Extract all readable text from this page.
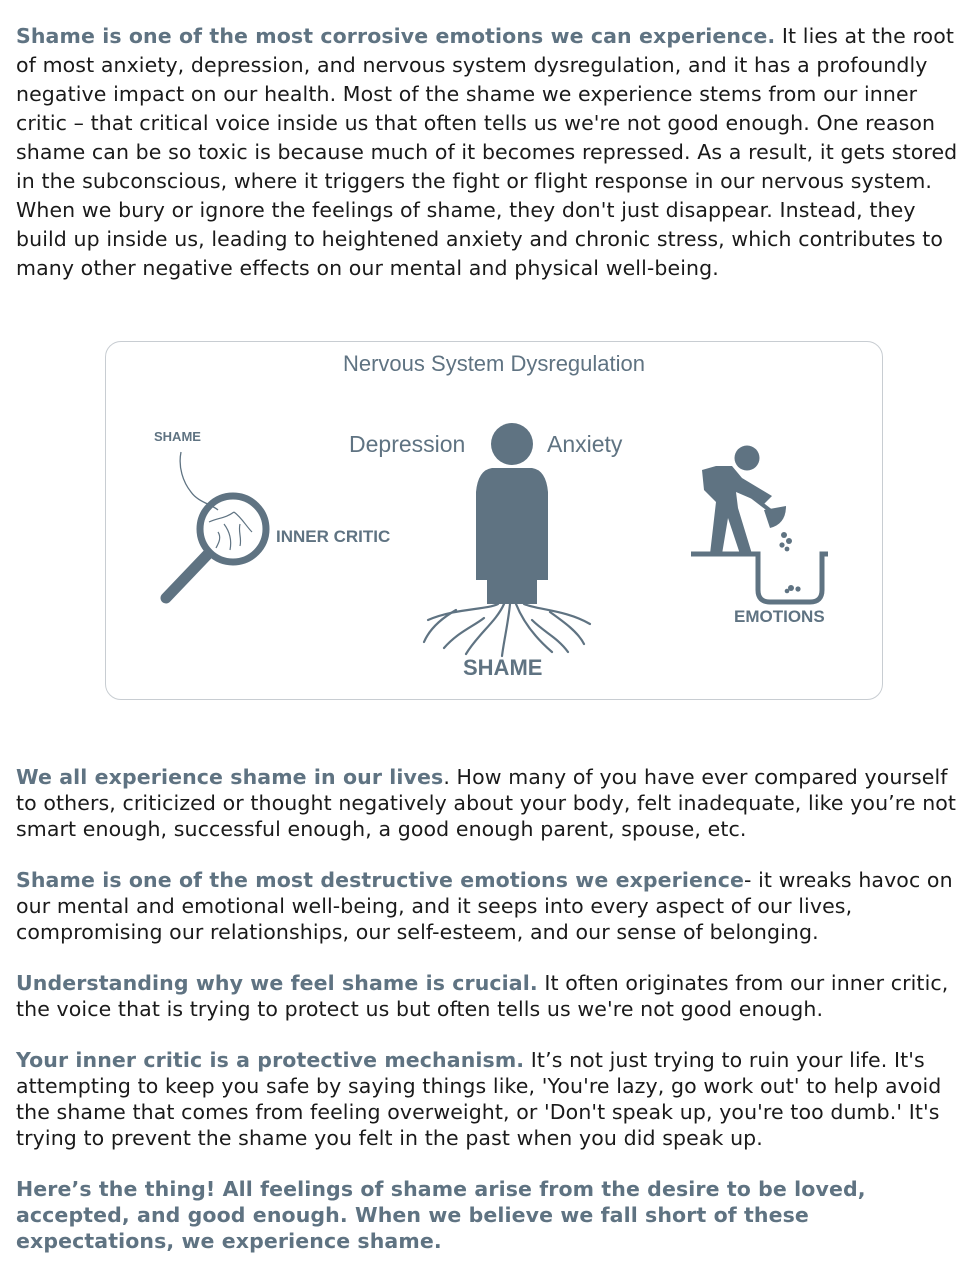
Shame is one of the most corrosive emotions we can experience. It lies at the root of most anxiety, depression, and nervous system dysregulation, and it has a profoundly negative impact on our health. Most of the shame we experience stems from our inner critic – that critical voice inside us that often tells us we're not good enough. One reason shame can be so toxic is because much of it becomes repressed. As a result, it gets stored in the subconscious, where it triggers the fight or flight response in our nervous system. When we bury or ignore the feelings of shame, they don't just disappear. Instead, they build up inside us, leading to heightened anxiety and chronic stress, which contributes to many other negative effects on our mental and physical well-being.

Nervous System Dysregulation
SHAME
INNER CRITIC
Depression	Anxiety
SHAME
EMOTIONS

We all experience shame in our lives. How many of you have ever compared yourself to others, criticized or thought negatively about your body, felt inadequate, like you’re not smart enough, successful enough, a good enough parent, spouse, etc.

Shame is one of the most destructive emotions we experience- it wreaks havoc on our mental and emotional well-being, and it seeps into every aspect of our lives, compromising our relationships, our self-esteem, and our sense of belonging.

Understanding why we feel shame is crucial. It often originates from our inner critic, the voice that is trying to protect us but often tells us we're not good enough.

Your inner critic is a protective mechanism. It’s not just trying to ruin your life. It's attempting to keep you safe by saying things like, 'You're lazy, go work out' to help avoid the shame that comes from feeling overweight, or 'Don't speak up, you're too dumb.' It's trying to prevent the shame you felt in the past when you did speak up.

Here’s the thing! All feelings of shame arise from the desire to be loved, accepted, and good enough. When we believe we fall short of these expectations, we experience shame.
